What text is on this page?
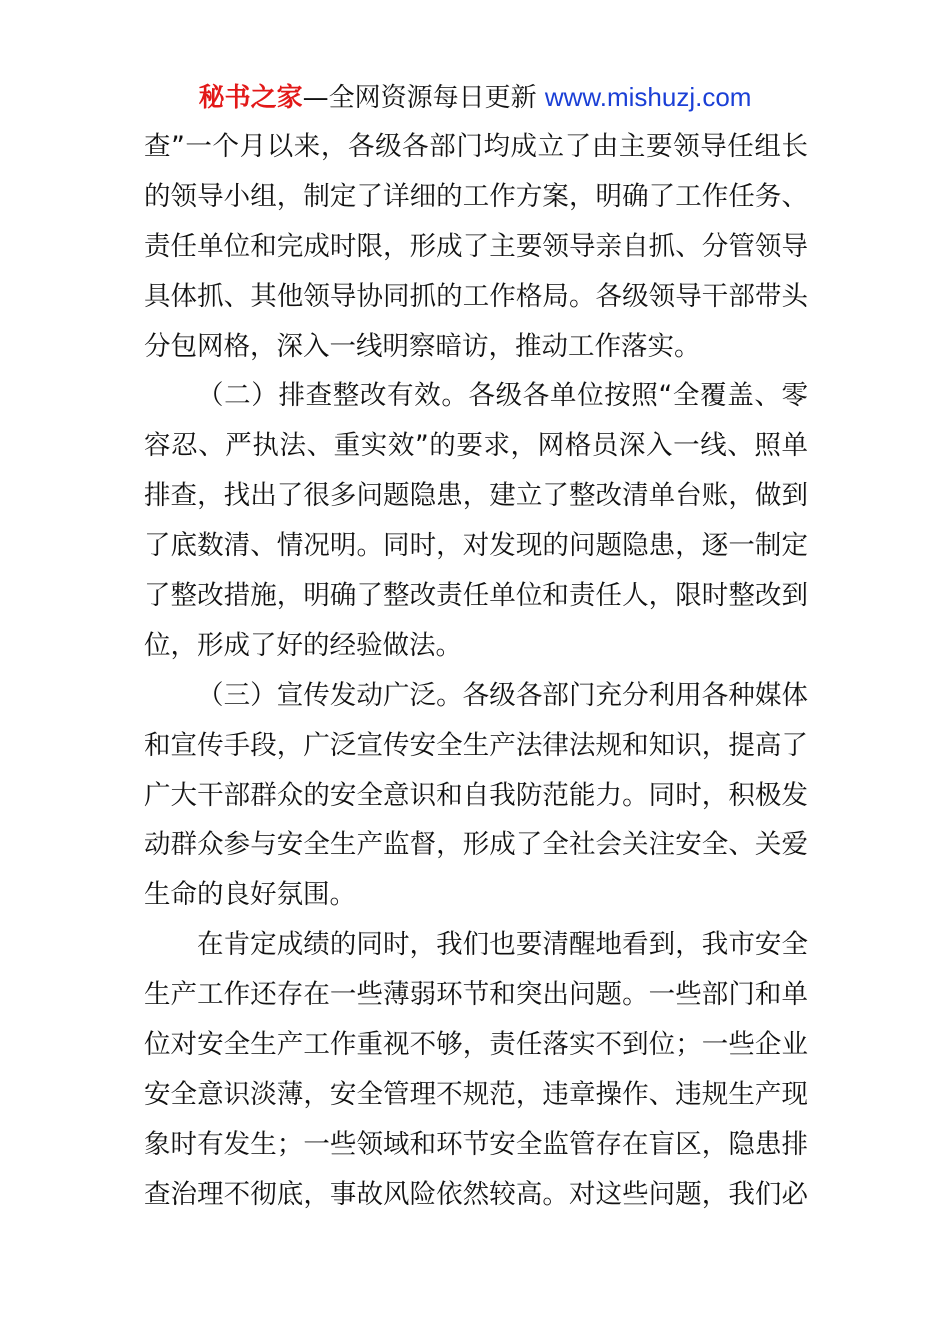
秘书之家—全网资源每日更新 www.mishuzj.com
查”一个月以来，各级各部门均成立了由主要领导任组长
的领导小组，制定了详细的工作方案，明确了工作任务、
责任单位和完成时限，形成了主要领导亲自抓、分管领导
具体抓、其他领导协同抓的工作格局。各级领导干部带头
分包网格，深入一线明察暗访，推动工作落实。
（二）排查整改有效。各级各单位按照“全覆盖、零
容忍、严执法、重实效”的要求，网格员深入一线、照单
排查，找出了很多问题隐患，建立了整改清单台账，做到
了底数清、情况明。同时，对发现的问题隐患，逐一制定
了整改措施，明确了整改责任单位和责任人，限时整改到
位，形成了好的经验做法。
（三）宣传发动广泛。各级各部门充分利用各种媒体
和宣传手段，广泛宣传安全生产法律法规和知识，提高了
广大干部群众的安全意识和自我防范能力。同时，积极发
动群众参与安全生产监督，形成了全社会关注安全、关爱
生命的良好氛围。
在肯定成绩的同时，我们也要清醒地看到，我市安全
生产工作还存在一些薄弱环节和突出问题。一些部门和单
位对安全生产工作重视不够，责任落实不到位；一些企业
安全意识淡薄，安全管理不规范，违章操作、违规生产现
象时有发生；一些领域和环节安全监管存在盲区，隐患排
查治理不彻底，事故风险依然较高。对这些问题，我们必
